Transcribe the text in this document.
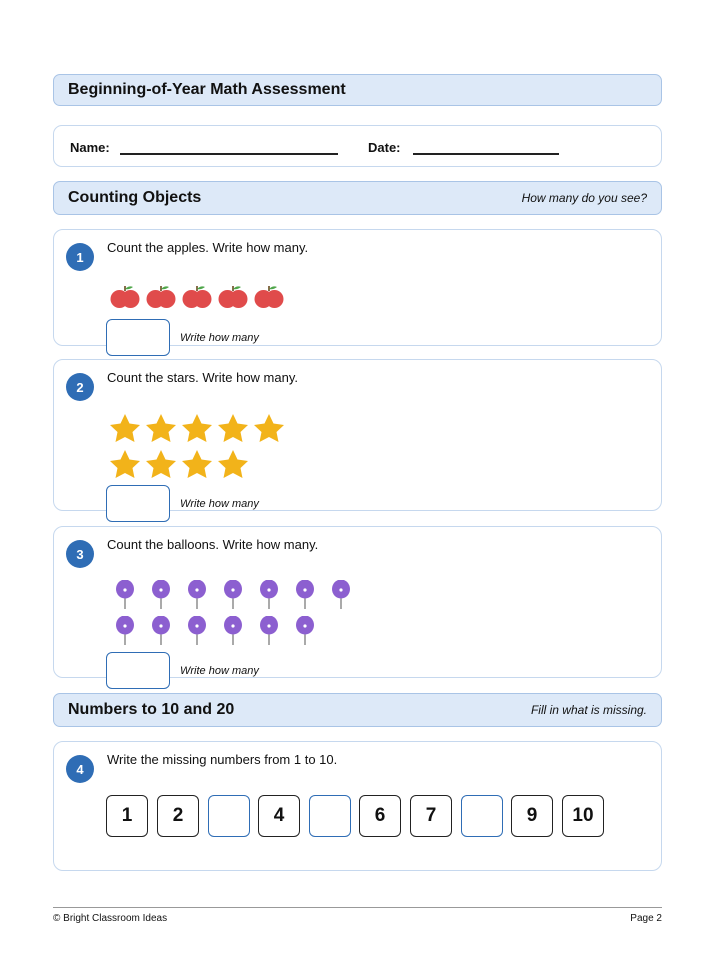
Beginning-of-Year Math Assessment
Name:	Date:
Counting Objects	How many do you see?
1
Count the apples. Write how many.
Write how many
2
Count the stars. Write how many.
Write how many
3
Count the balloons. Write how many.
Write how many
Numbers to 10 and 20	Fill in what is missing.
4
Write the missing numbers from 1 to 10.
1	2	4	6	7	9	10
© Bright Classroom Ideas	Page 2
